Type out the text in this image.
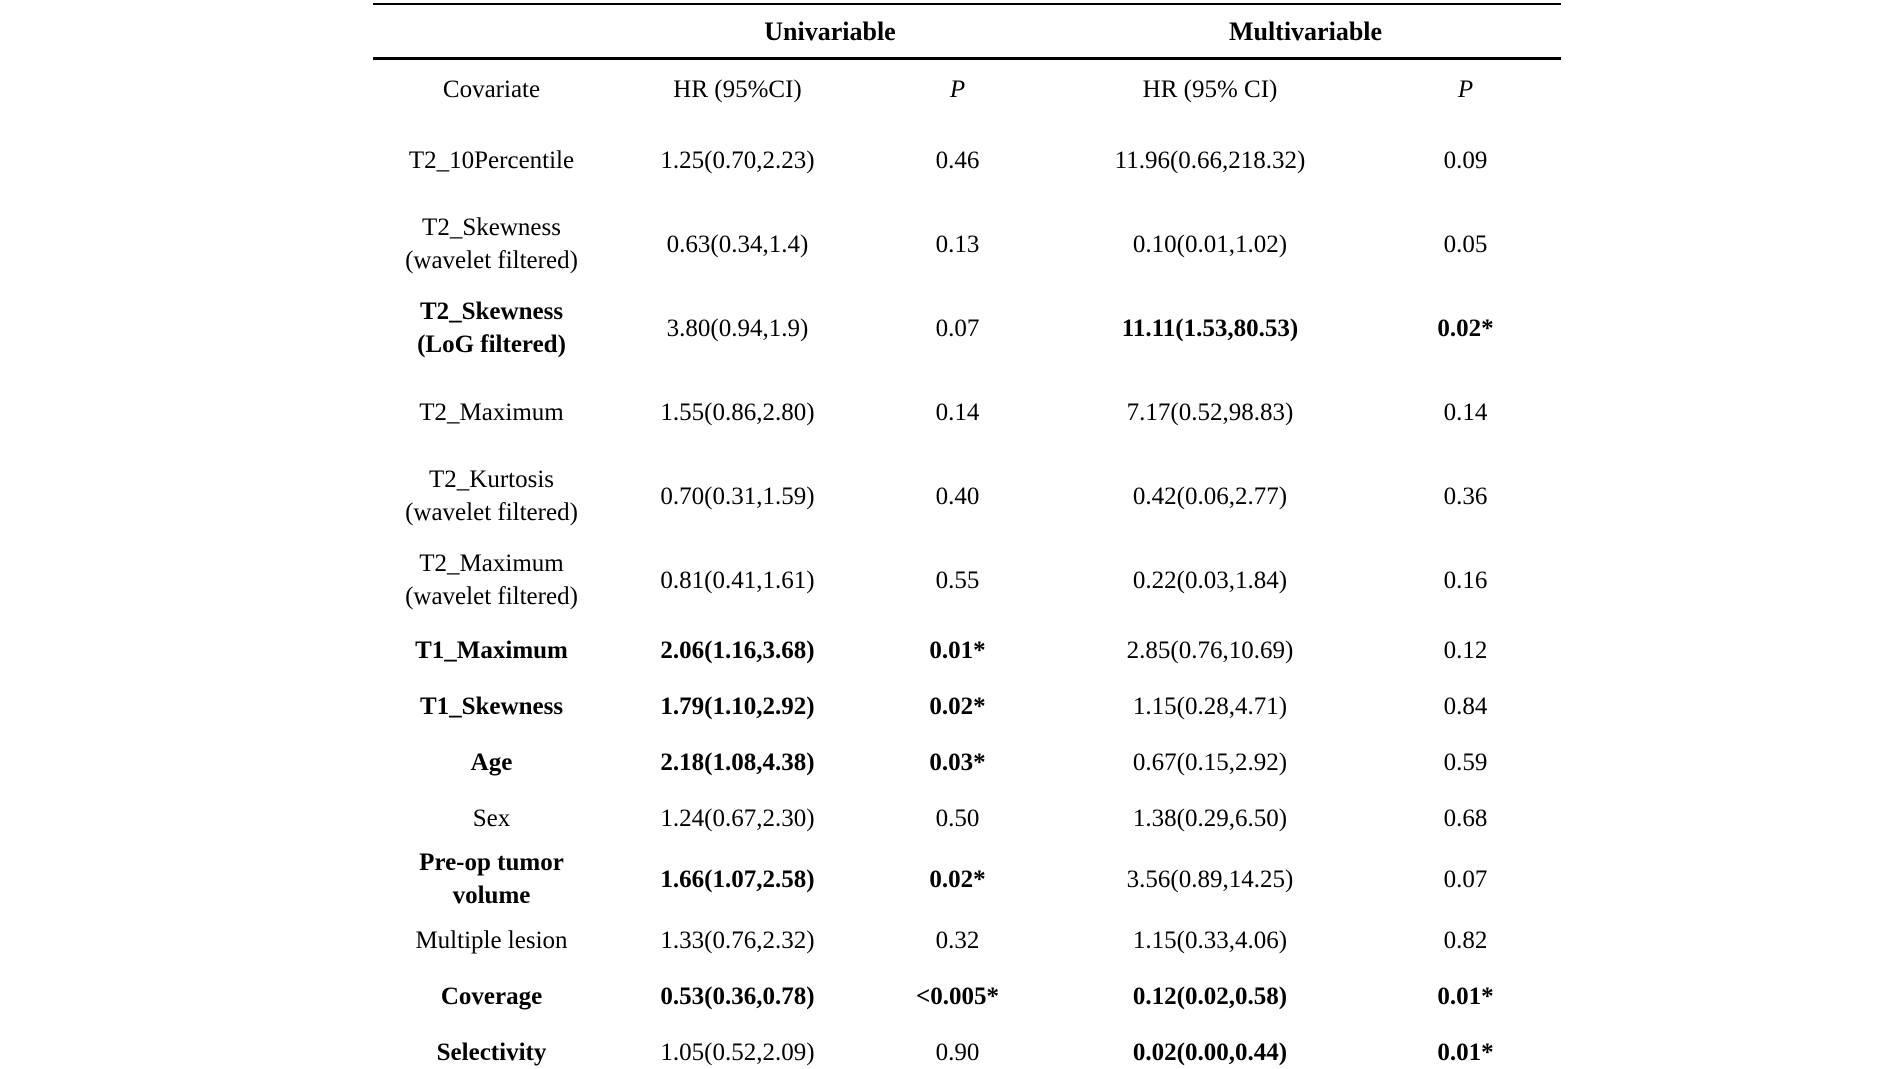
Univariable	Multivariable
Covariate	HR (95%CI)	P	HR (95% CI)	P
T2_10Percentile	1.25(0.70,2.23)	0.46	11.96(0.66,218.32)	0.09
T2_Skewness
(wavelet filtered)
0.63(0.34,1.4)	0.13	0.10(0.01,1.02)	0.05
T2_Skewness
(LoG filtered)
3.80(0.94,1.9)	0.07	11.11(1.53,80.53)	0.02*
T2_Maximum	1.55(0.86,2.80)	0.14	7.17(0.52,98.83)	0.14
T2_Kurtosis
(wavelet filtered)
0.70(0.31,1.59)	0.40	0.42(0.06,2.77)	0.36
T2_Maximum
(wavelet filtered)
0.81(0.41,1.61)	0.55	0.22(0.03,1.84)	0.16
T1_Maximum	2.06(1.16,3.68)	0.01*	2.85(0.76,10.69)	0.12
T1_Skewness	1.79(1.10,2.92)	0.02*	1.15(0.28,4.71)	0.84
Age	2.18(1.08,4.38)	0.03*	0.67(0.15,2.92)	0.59
Sex	1.24(0.67,2.30)	0.50	1.38(0.29,6.50)	0.68
Pre-op tumor
volume
1.66(1.07,2.58)	0.02*	3.56(0.89,14.25)	0.07
Multiple lesion	1.33(0.76,2.32)	0.32	1.15(0.33,4.06)	0.82
Coverage	0.53(0.36,0.78)	<0.005*	0.12(0.02,0.58)	0.01*
Selectivity	1.05(0.52,2.09)	0.90	0.02(0.00,0.44)	0.01*
